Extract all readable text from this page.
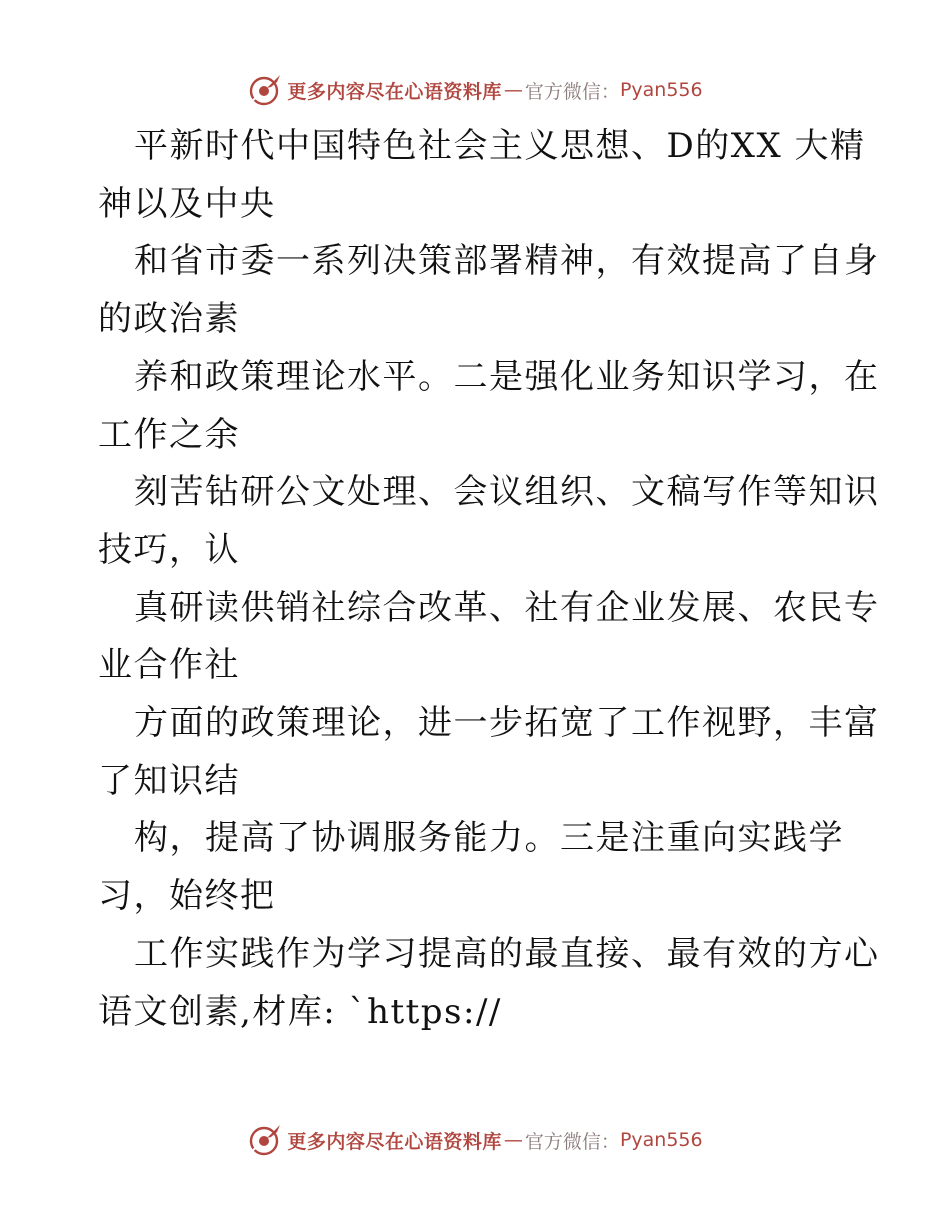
更多内容尽在心语资料库 — 官方微信： Pyan556
平新时代中国特色社会主义思想、D的XX 大精
神以及中央
和省市委一系列决策部署精神，有效提高了自身
的政治素
养和政策理论水平。二是强化业务知识学习，在
工作之余
刻苦钻研公文处理、会议组织、文稿写作等知识
技巧，认
真研读供销社综合改革、社有企业发展、农民专
业合作社
方面的政策理论，进一步拓宽了工作视野，丰富
了知识结
构，提高了协调服务能力。三是注重向实践学
习，始终把
工作实践作为学习提高的最直接、最有效的方心
语文创素,材库: `https://
更多内容尽在心语资料库 — 官方微信： Pyan556
